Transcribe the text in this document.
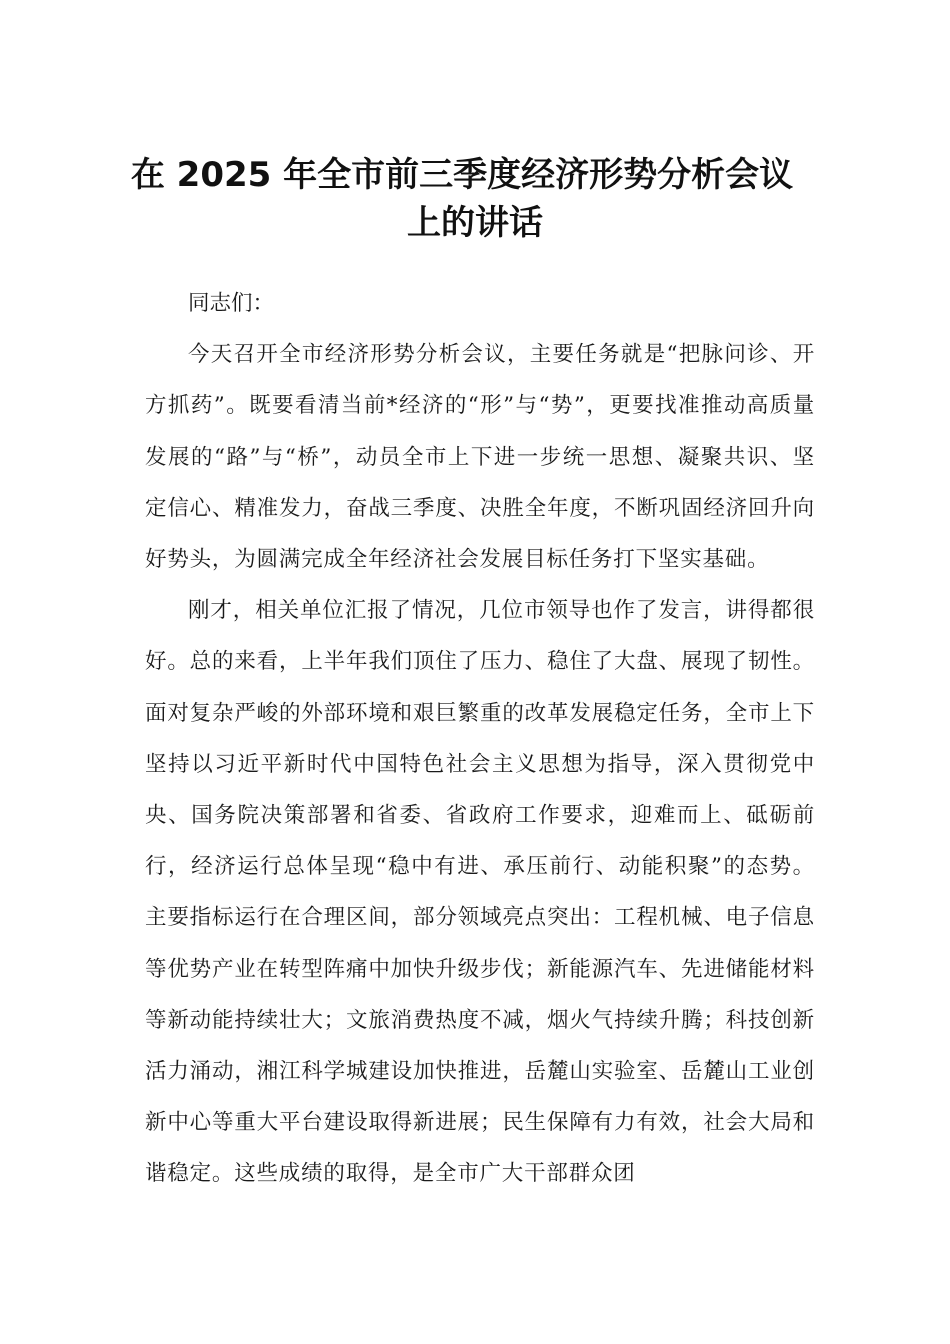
在 2025 年全市前三季度经济形势分析会议
上的讲话

同志们：

今天召开全市经济形势分析会议，主要任务就是“把脉问诊、开方抓药”。既要看清当前*经济的“形”与“势”，更要找准推动高质量发展的“路”与“桥”，动员全市上下进一步统一思想、凝聚共识、坚定信心、精准发力，奋战三季度、决胜全年度，不断巩固经济回升向好势头，为圆满完成全年经济社会发展目标任务打下坚实基础。

刚才，相关单位汇报了情况，几位市领导也作了发言，讲得都很好。总的来看，上半年我们顶住了压力、稳住了大盘、展现了韧性。面对复杂严峻的外部环境和艰巨繁重的改革发展稳定任务，全市上下坚持以习近平新时代中国特色社会主义思想为指导，深入贯彻党中央、国务院决策部署和省委、省政府工作要求，迎难而上、砥砺前行，经济运行总体呈现“稳中有进、承压前行、动能积聚”的态势。主要指标运行在合理区间，部分领域亮点突出：工程机械、电子信息等优势产业在转型阵痛中加快升级步伐；新能源汽车、先进储能材料等新动能持续壮大；文旅消费热度不减，烟火气持续升腾；科技创新活力涌动，湘江科学城建设加快推进，岳麓山实验室、岳麓山工业创新中心等重大平台建设取得新进展；民生保障有力有效，社会大局和谐稳定。这些成绩的取得，是全市广大干部群众团
